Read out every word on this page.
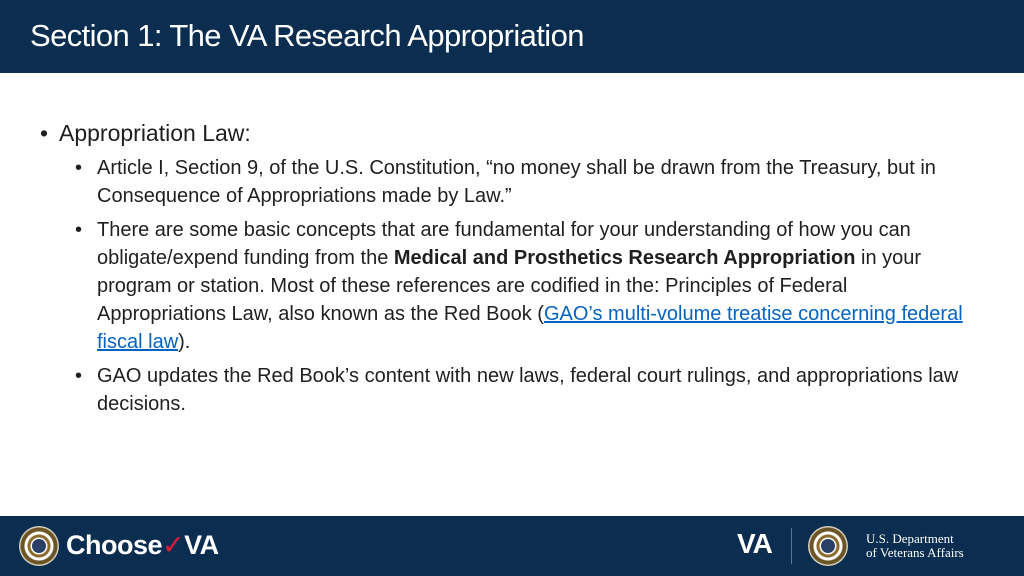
Section 1: The VA Research Appropriation
• Appropriation Law:
• Article I, Section 9, of the U.S. Constitution, “no money shall be drawn from the Treasury, but in Consequence of Appropriations made by Law.”
• There are some basic concepts that are fundamental for your understanding of how you can obligate/expend funding from the Medical and Prosthetics Research Appropriation in your program or station. Most of these references are codified in the: Principles of Federal Appropriations Law, also known as the Red Book (GAO’s multi-volume treatise concerning federal fiscal law).
• GAO updates the Red Book’s content with new laws, federal court rulings, and appropriations law decisions.
Choose✓VA	VA	U.S. Department
of Veterans Affairs
